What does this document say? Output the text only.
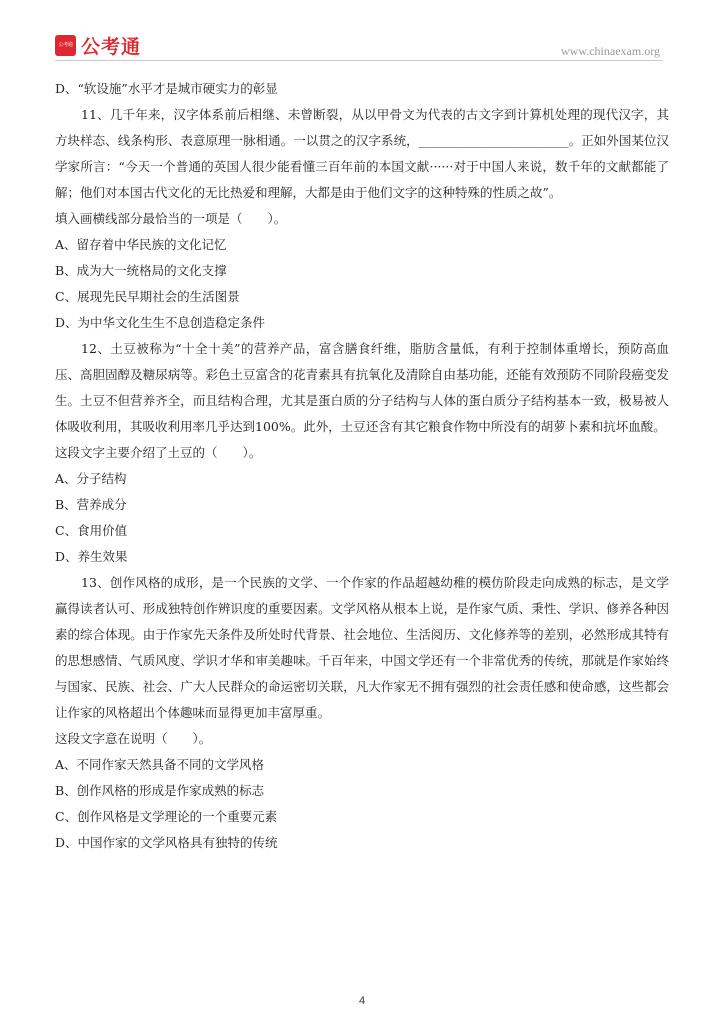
公考通 公考通	www.chinaexam.org

D、“软设施”水平才是城市硬实力的彰显

11、几千年来，汉字体系前后相继、未曾断裂，从以甲骨文为代表的古文字到计算机处理的现代汉字，其方块样态、线条构形、表意原理一脉相通。一以贯之的汉字系统，________________________。正如外国某位汉学家所言：“今天一个普通的英国人很少能看懂三百年前的本国文献······对于中国人来说，数千年的文献都能了解；他们对本国古代文化的无比热爱和理解，大都是由于他们文字的这种特殊的性质之故”。

填入画横线部分最恰当的一项是（　　）。

A、留存着中华民族的文化记忆

B、成为大一统格局的文化支撑

C、展现先民早期社会的生活图景

D、为中华文化生生不息创造稳定条件

12、土豆被称为“十全十美”的营养产品，富含膳食纤维，脂肪含量低，有利于控制体重增长，预防高血压、高胆固醇及糖尿病等。彩色土豆富含的花青素具有抗氧化及清除自由基功能，还能有效预防不同阶段癌变发生。土豆不但营养齐全，而且结构合理，尤其是蛋白质的分子结构与人体的蛋白质分子结构基本一致，极易被人体吸收利用，其吸收利用率几乎达到100%。此外，土豆还含有其它粮食作物中所没有的胡萝卜素和抗坏血酸。

这段文字主要介绍了土豆的（　　）。

A、分子结构

B、营养成分

C、食用价值

D、养生效果

13、创作风格的成形，是一个民族的文学、一个作家的作品超越幼稚的模仿阶段走向成熟的标志，是文学赢得读者认可、形成独特创作辨识度的重要因素。文学风格从根本上说，是作家气质、秉性、学识、修养各种因素的综合体现。由于作家先天条件及所处时代背景、社会地位、生活阅历、文化修养等的差别，必然形成其特有的思想感情、气质风度、学识才华和审美趣味。千百年来，中国文学还有一个非常优秀的传统，那就是作家始终与国家、民族、社会、广大人民群众的命运密切关联，凡大作家无不拥有强烈的社会责任感和使命感，这些都会让作家的风格超出个体趣味而显得更加丰富厚重。

这段文字意在说明（　　）。

A、不同作家天然具备不同的文学风格

B、创作风格的形成是作家成熟的标志

C、创作风格是文学理论的一个重要元素

D、中国作家的文学风格具有独特的传统

4
